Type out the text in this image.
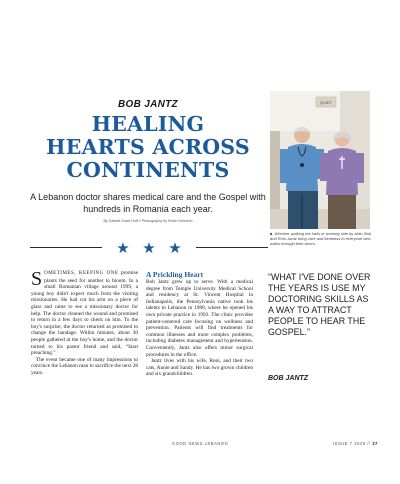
BOB JANTZ
HEALING
HEARTS ACROSS
CONTINENTS
A Lebanon doctor shares medical care and the Gospel with hundreds in Romania each year.
By Gabriel Grant Huff // Photography by Robin Holcomb
★ ★ ★
QUIET
■ Whether walking the halls or working side by side, Bob and Roni Jantz bring care and kindness to everyone who walks through their doors.

SOMETIMES, KEEPING ONE promise plants the seed for another to bloom. In a small Romanian village around 1999, a young boy didn't expect much from the visiting missionaries. He had cut his arm on a piece of glass and came to see a missionary doctor for help. The doctor cleaned the wound and promised to return in a few days to check on him. To the boy's surprise, the doctor returned as promised to change the bandage. Within minutes, about 30 people gathered at the boy's home, and the doctor turned to his pastor friend and said, “Start preaching.”

The event became one of many impressions to convince the Lebanon man to sacrifice the next 28 years.

A Prickling Heart

Bob Jantz grew up to serve. With a medical degree from Temple University Medical School and residency at St. Vincent Hospital in Indianapolis, the Pennsylvania native took his talents to Lebanon in 1988, where he opened his own private practice in 1993. The clinic provides patient-centered care focusing on wellness and prevention. Patients will find treatments for common illnesses and more complex problems, including diabetes management and hypertension. Conveniently, Jantz also offers minor surgical procedures in the office.

Jantz lives with his wife, Roni, and their two cats, Annie and Sandy. He has two grown children and six grandchildren.

“WHAT I'VE DONE OVER THE YEARS IS USE MY DOCTORING SKILLS AS A WAY TO ATTRACT PEOPLE TO HEAR THE GOSPEL.”
BOB JANTZ
GOOD NEWS LEBANON	ISSUE 7 2025 // 37
